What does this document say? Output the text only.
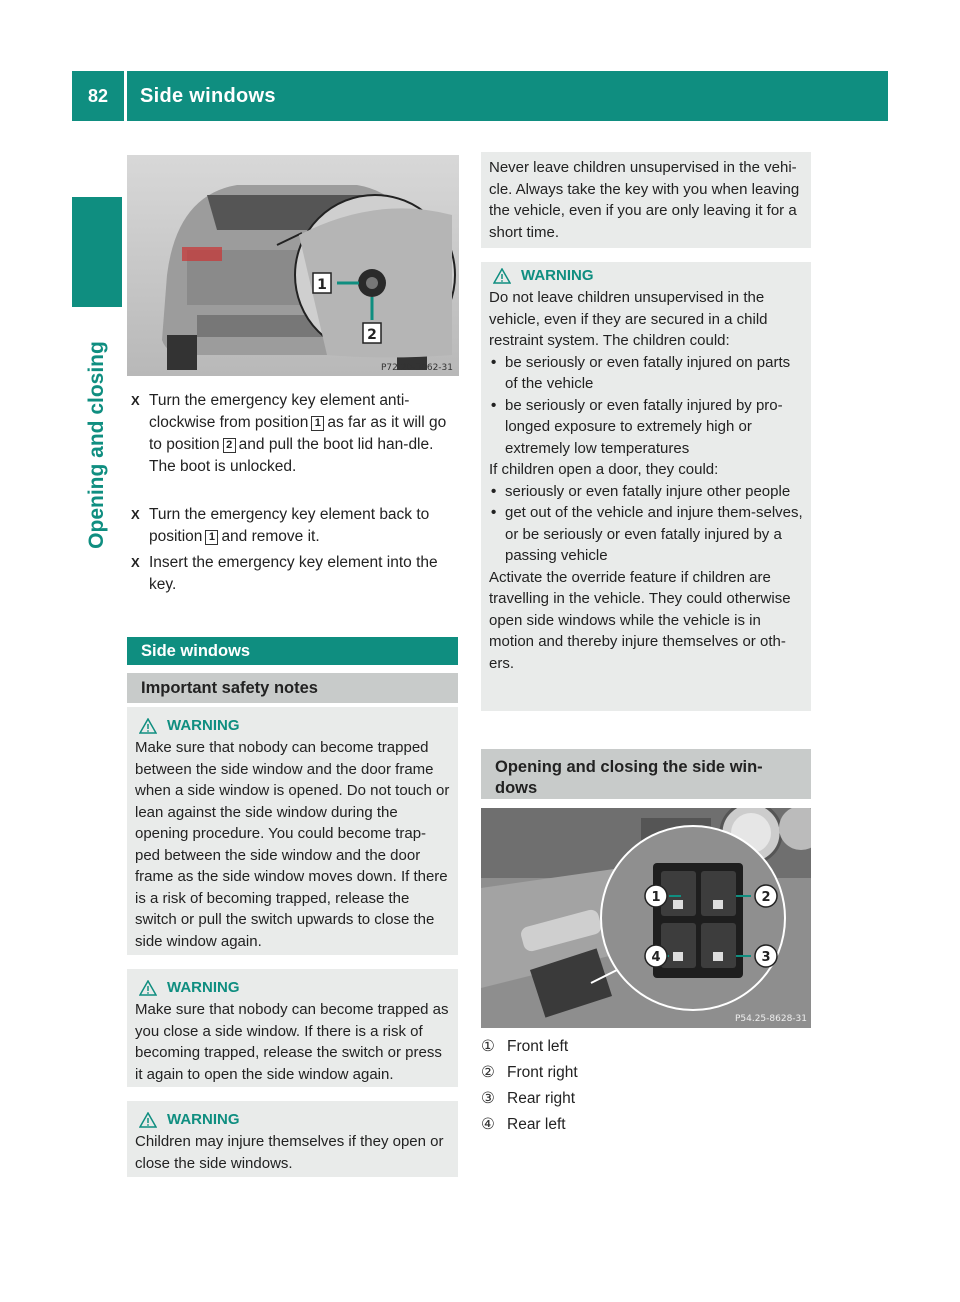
82	Side windows
Opening and closing
1
2
P72.20-3062-31
X Turn the emergency key element anti-clockwise from position 1 as far as it will go to position 2 and pull the boot lid han-dle.
The boot is unlocked.
X Turn the emergency key element back to position 1 and remove it.
X Insert the emergency key element into the key.
Side windows
Important safety notes
WARNING
Make sure that nobody can become trapped between the side window and the door frame when a side window is opened. Do not touch or lean against the side window during the opening procedure. You could become trap-ped between the side window and the door frame as the side window moves down. If there is a risk of becoming trapped, release the switch or pull the switch upwards to close the side window again.
WARNING
Make sure that nobody can become trapped as you close a side window. If there is a risk of becoming trapped, release the switch or press it again to open the side window again.
WARNING
Children may injure themselves if they open or close the side windows.
Never leave children unsupervised in the vehi-cle. Always take the key with you when leaving the vehicle, even if you are only leaving it for a short time.
WARNING
Do not leave children unsupervised in the vehicle, even if they are secured in a child restraint system. The children could:
• be seriously or even fatally injured on parts of the vehicle
• be seriously or even fatally injured by pro-longed exposure to extremely high or extremely low temperatures
If children open a door, they could:
• seriously or even fatally injure other people
• get out of the vehicle and injure them-selves, or be seriously or even fatally injured by a passing vehicle
Activate the override feature if children are travelling in the vehicle. They could otherwise open side windows while the vehicle is in motion and thereby injure themselves or oth-ers.
Opening and closing the side win-dows
1	2
3
4
P54.25-8628-31
① Front left
② Front right
③ Rear right
④ Rear left
